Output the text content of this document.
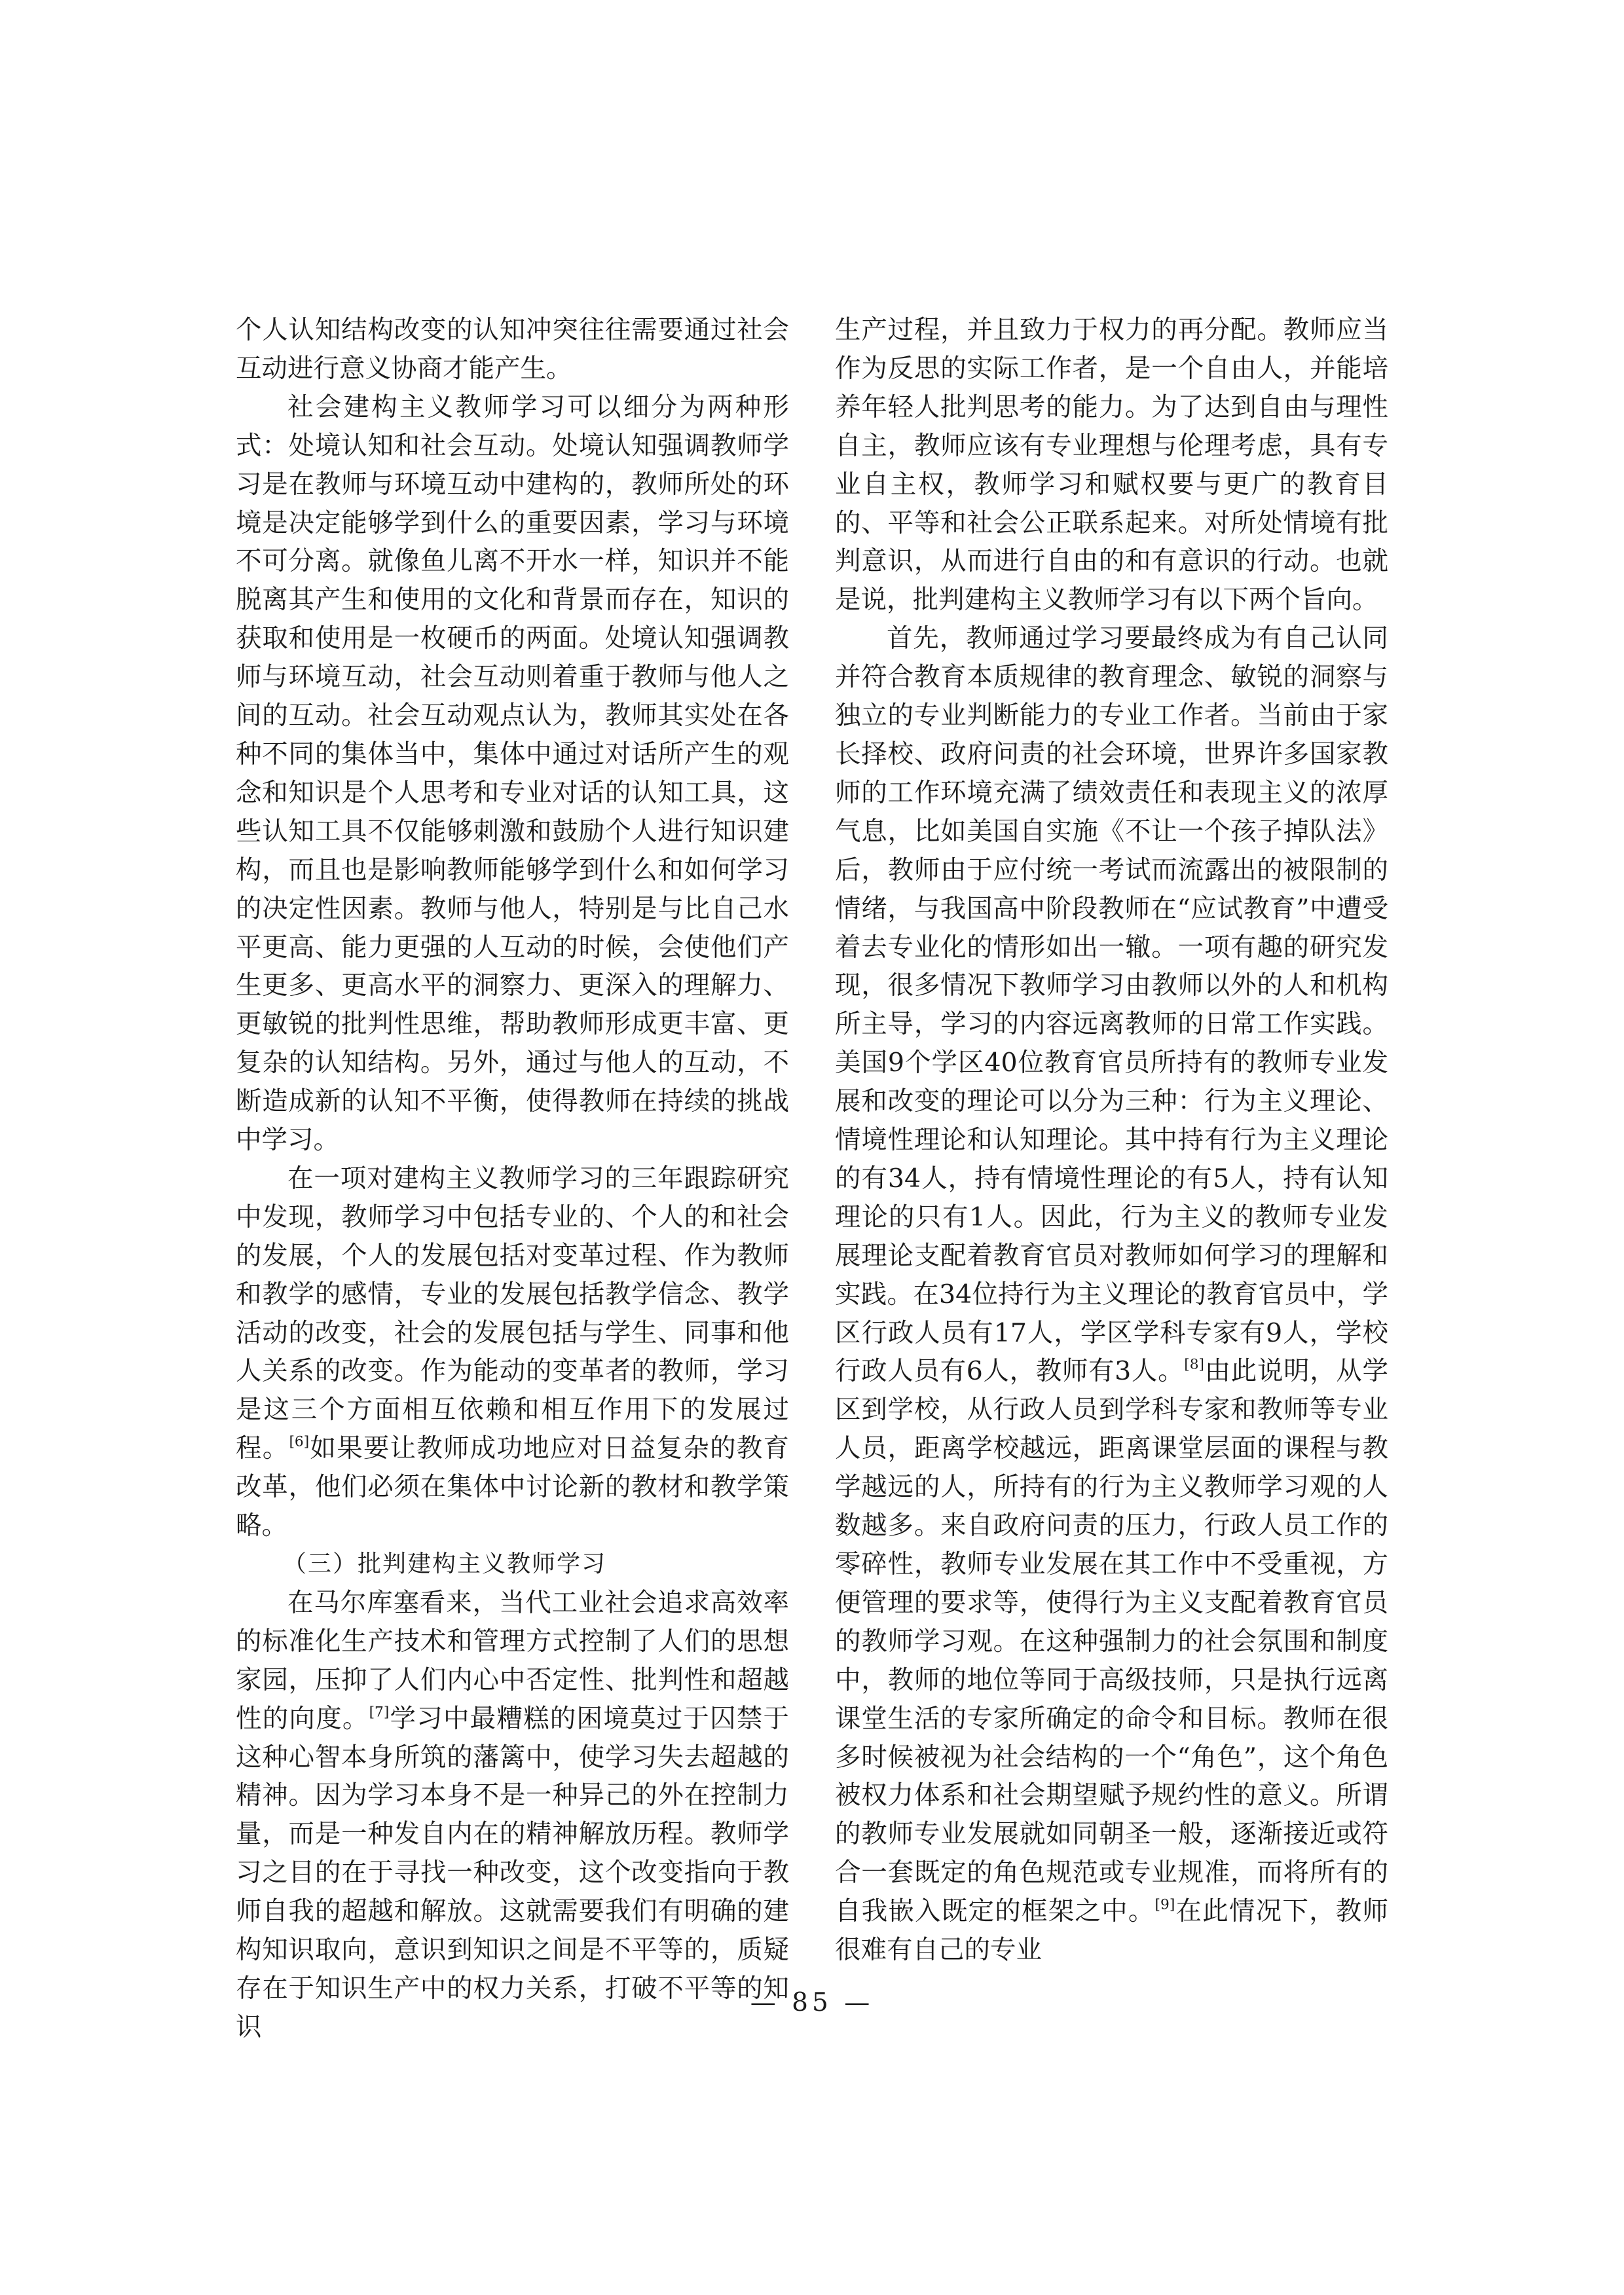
个人认知结构改变的认知冲突往往需要通过社会互动进行意义协商才能产生。

社会建构主义教师学习可以细分为两种形式：处境认知和社会互动。处境认知强调教师学习是在教师与环境互动中建构的，教师所处的环境是决定能够学到什么的重要因素，学习与环境不可分离。就像鱼儿离不开水一样，知识并不能脱离其产生和使用的文化和背景而存在，知识的获取和使用是一枚硬币的两面。处境认知强调教师与环境互动，社会互动则着重于教师与他人之间的互动。社会互动观点认为，教师其实处在各种不同的集体当中，集体中通过对话所产生的观念和知识是个人思考和专业对话的认知工具，这些认知工具不仅能够刺激和鼓励个人进行知识建构，而且也是影响教师能够学到什么和如何学习的决定性因素。教师与他人，特别是与比自己水平更高、能力更强的人互动的时候，会使他们产生更多、更高水平的洞察力、更深入的理解力、更敏锐的批判性思维，帮助教师形成更丰富、更复杂的认知结构。另外，通过与他人的互动，不断造成新的认知不平衡，使得教师在持续的挑战中学习。

在一项对建构主义教师学习的三年跟踪研究中发现，教师学习中包括专业的、个人的和社会的发展，个人的发展包括对变革过程、作为教师和教学的感情，专业的发展包括教学信念、教学活动的改变，社会的发展包括与学生、同事和他人关系的改变。作为能动的变革者的教师，学习是这三个方面相互依赖和相互作用下的发展过程。[6]如果要让教师成功地应对日益复杂的教育改革，他们必须在集体中讨论新的教材和教学策略。

（三）批判建构主义教师学习

在马尔库塞看来，当代工业社会追求高效率的标准化生产技术和管理方式控制了人们的思想家园，压抑了人们内心中否定性、批判性和超越性的向度。[7]学习中最糟糕的困境莫过于囚禁于这种心智本身所筑的藩篱中，使学习失去超越的精神。因为学习本身不是一种异己的外在控制力量，而是一种发自内在的精神解放历程。教师学习之目的在于寻找一种改变，这个改变指向于教师自我的超越和解放。这就需要我们有明确的建构知识取向，意识到知识之间是不平等的，质疑存在于知识生产中的权力关系，打破不平等的知识

生产过程，并且致力于权力的再分配。教师应当作为反思的实际工作者，是一个自由人，并能培养年轻人批判思考的能力。为了达到自由与理性自主，教师应该有专业理想与伦理考虑，具有专业自主权，教师学习和赋权要与更广的教育目的、平等和社会公正联系起来。对所处情境有批判意识，从而进行自由的和有意识的行动。也就是说，批判建构主义教师学习有以下两个旨向。

首先，教师通过学习要最终成为有自己认同并符合教育本质规律的教育理念、敏锐的洞察与独立的专业判断能力的专业工作者。当前由于家长择校、政府问责的社会环境，世界许多国家教师的工作环境充满了绩效责任和表现主义的浓厚气息，比如美国自实施《不让一个孩子掉队法》后，教师由于应付统一考试而流露出的被限制的情绪，与我国高中阶段教师在“应试教育”中遭受着去专业化的情形如出一辙。一项有趣的研究发现，很多情况下教师学习由教师以外的人和机构所主导，学习的内容远离教师的日常工作实践。美国9个学区40位教育官员所持有的教师专业发展和改变的理论可以分为三种：行为主义理论、情境性理论和认知理论。其中持有行为主义理论的有34人，持有情境性理论的有5人，持有认知理论的只有1人。因此，行为主义的教师专业发展理论支配着教育官员对教师如何学习的理解和实践。在34位持行为主义理论的教育官员中，学区行政人员有17人，学区学科专家有9人，学校行政人员有6人，教师有3人。[8]由此说明，从学区到学校，从行政人员到学科专家和教师等专业人员，距离学校越远，距离课堂层面的课程与教学越远的人，所持有的行为主义教师学习观的人数越多。来自政府问责的压力，行政人员工作的零碎性，教师专业发展在其工作中不受重视，方便管理的要求等，使得行为主义支配着教育官员的教师学习观。在这种强制力的社会氛围和制度中，教师的地位等同于高级技师，只是执行远离课堂生活的专家所确定的命令和目标。教师在很多时候被视为社会结构的一个“角色”，这个角色被权力体系和社会期望赋予规约性的意义。所谓的教师专业发展就如同朝圣一般，逐渐接近或符合一套既定的角色规范或专业规准，而将所有的自我嵌入既定的框架之中。[9]在此情况下，教师很难有自己的专业

— 85 —
